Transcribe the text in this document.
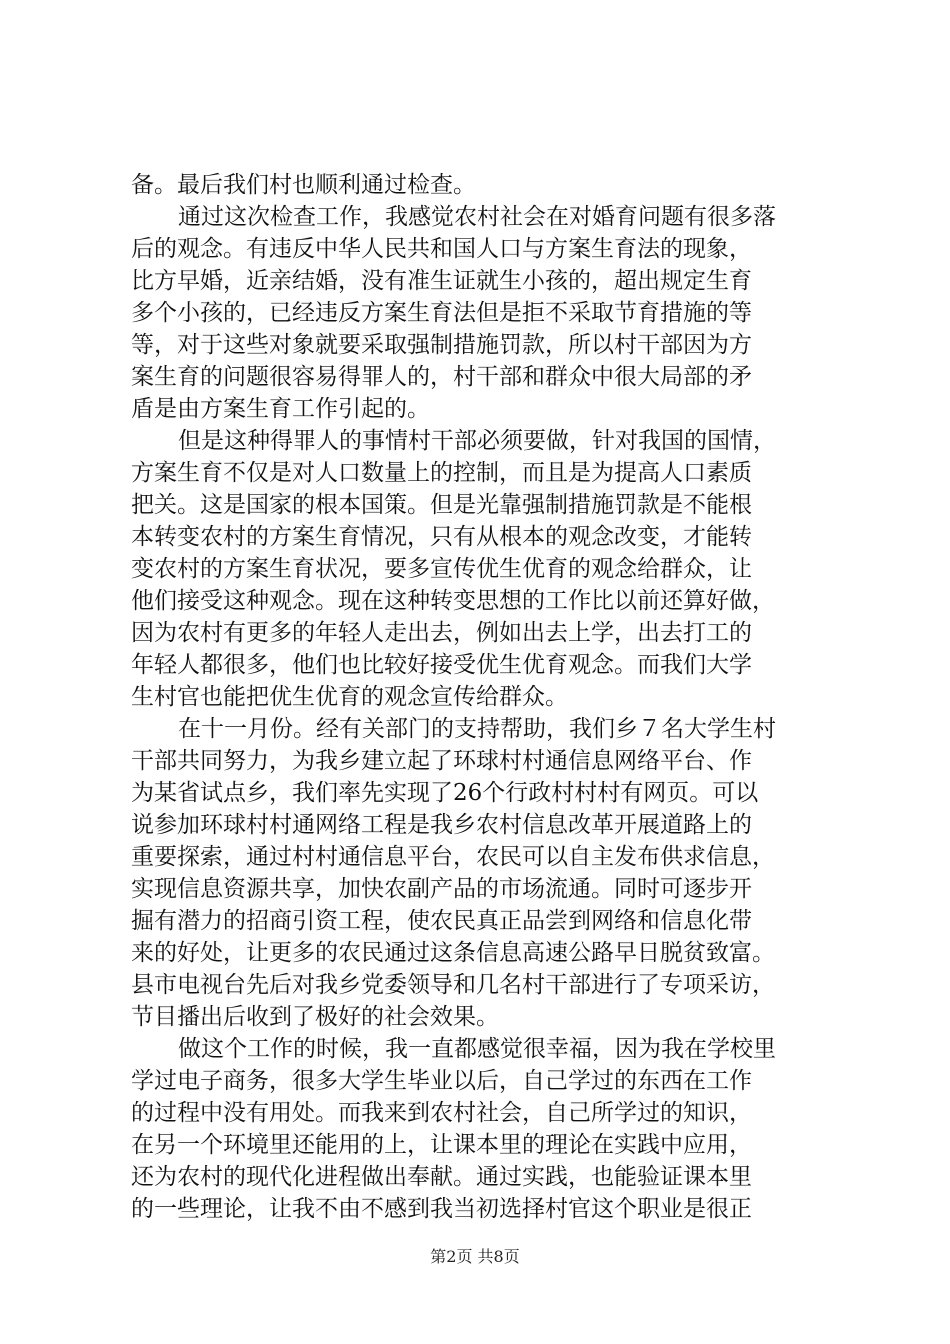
备。最后我们村也顺利通过检查。
通过这次检查工作，我感觉农村社会在对婚育问题有很多落
后的观念。有违反中华人民共和国人口与方案生育法的现象，
比方早婚，近亲结婚，没有准生证就生小孩的，超出规定生育
多个小孩的，已经违反方案生育法但是拒不采取节育措施的等
等，对于这些对象就要采取强制措施罚款，所以村干部因为方
案生育的问题很容易得罪人的，村干部和群众中很大局部的矛
盾是由方案生育工作引起的。
但是这种得罪人的事情村干部必须要做，针对我国的国情，
方案生育不仅是对人口数量上的控制，而且是为提高人口素质
把关。这是国家的根本国策。但是光靠强制措施罚款是不能根
本转变农村的方案生育情况，只有从根本的观念改变，才能转
变农村的方案生育状况，要多宣传优生优育的观念给群众，让
他们接受这种观念。现在这种转变思想的工作比以前还算好做，
因为农村有更多的年轻人走出去，例如出去上学，出去打工的
年轻人都很多，他们也比较好接受优生优育观念。而我们大学
生村官也能把优生优育的观念宣传给群众。
在十一月份。经有关部门的支持帮助，我们乡７名大学生村
干部共同努力，为我乡建立起了环球村村通信息网络平台、作
为某省试点乡，我们率先实现了26个行政村村村有网页。可以
说参加环球村村通网络工程是我乡农村信息改革开展道路上的
重要探索，通过村村通信息平台，农民可以自主发布供求信息，
实现信息资源共享，加快农副产品的市场流通。同时可逐步开
掘有潜力的招商引资工程，使农民真正品尝到网络和信息化带
来的好处，让更多的农民通过这条信息高速公路早日脱贫致富。
县市电视台先后对我乡党委领导和几名村干部进行了专项采访，
节目播出后收到了极好的社会效果。
做这个工作的时候，我一直都感觉很幸福，因为我在学校里
学过电子商务，很多大学生毕业以后，自己学过的东西在工作
的过程中没有用处。而我来到农村社会，自己所学过的知识，
在另一个环境里还能用的上，让课本里的理论在实践中应用，
还为农村的现代化进程做出奉献。通过实践，也能验证课本里
的一些理论，让我不由不感到我当初选择村官这个职业是很正
第2页 共8页
